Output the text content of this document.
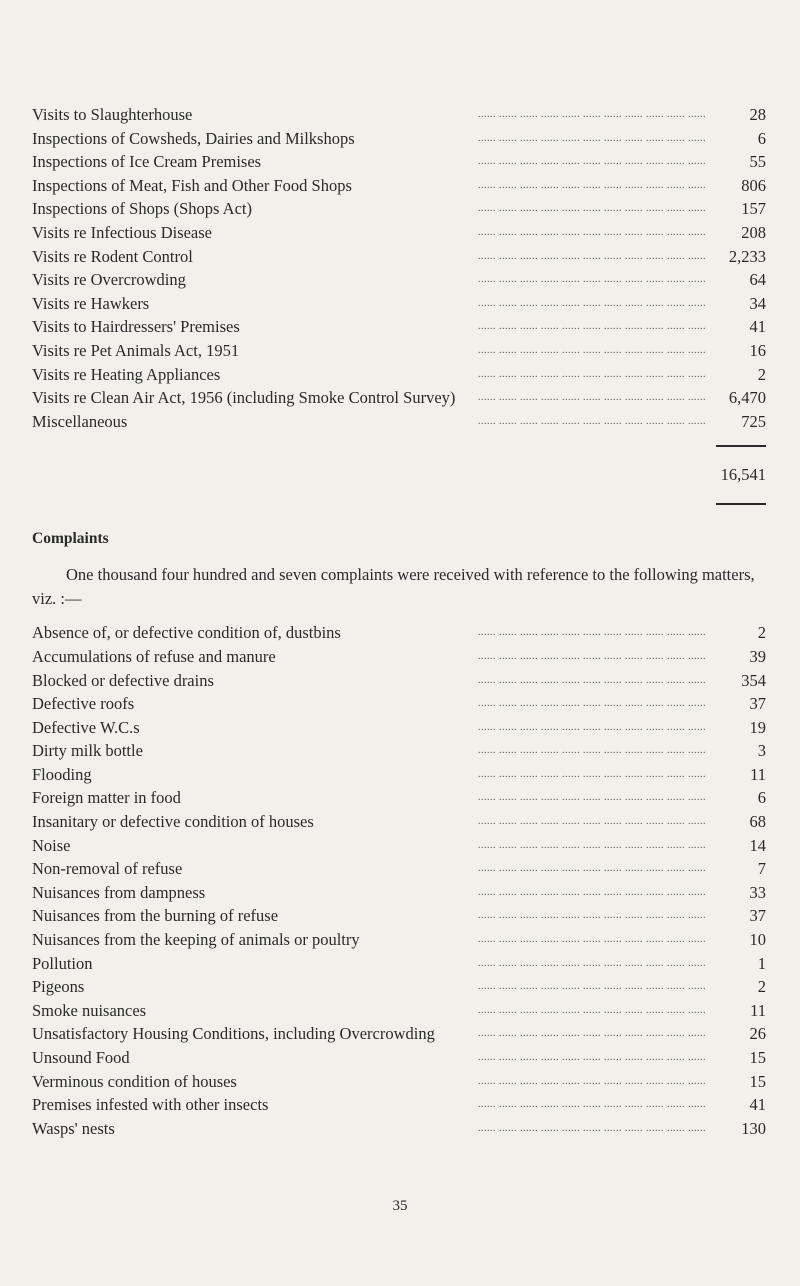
Visits to Slaughterhouse	...... ...... ...... ...... ...... ...... ...... ...... ...... ...... ......	28
Inspections of Cowsheds, Dairies and Milkshops	...... ...... ...... ...... ...... ...... ...... ...... ...... ...... ......	6
Inspections of Ice Cream Premises	...... ...... ...... ...... ...... ...... ...... ...... ...... ...... ......	55
Inspections of Meat, Fish and Other Food Shops	...... ...... ...... ...... ...... ...... ...... ...... ...... ...... ......	806
Inspections of Shops (Shops Act)	...... ...... ...... ...... ...... ...... ...... ...... ...... ...... ......	157
Visits re Infectious Disease	...... ...... ...... ...... ...... ...... ...... ...... ...... ...... ......	208
Visits re Rodent Control	...... ...... ...... ...... ...... ...... ...... ...... ...... ...... ......	2,233
Visits re Overcrowding	...... ...... ...... ...... ...... ...... ...... ...... ...... ...... ......	64
Visits re Hawkers	...... ...... ...... ...... ...... ...... ...... ...... ...... ...... ......	34
Visits to Hairdressers' Premises	...... ...... ...... ...... ...... ...... ...... ...... ...... ...... ......	41
Visits re Pet Animals Act, 1951	...... ...... ...... ...... ...... ...... ...... ...... ...... ...... ......	16
Visits re Heating Appliances	...... ...... ...... ...... ...... ...... ...... ...... ...... ...... ......	2
Visits re Clean Air Act, 1956 (including Smoke Control Survey)	...... ...... ...... ...... ...... ...... ...... ...... ...... ...... ......	6,470
Miscellaneous	...... ...... ...... ...... ...... ...... ...... ...... ...... ...... ......	725
16,541
Complaints
One thousand four hundred and seven complaints were received with reference to the following matters, viz. :—
Absence of, or defective condition of, dustbins	...... ...... ...... ...... ...... ...... ...... ...... ...... ...... ......	2
Accumulations of refuse and manure	...... ...... ...... ...... ...... ...... ...... ...... ...... ...... ......	39
Blocked or defective drains	...... ...... ...... ...... ...... ...... ...... ...... ...... ...... ......	354
Defective roofs	...... ...... ...... ...... ...... ...... ...... ...... ...... ...... ......	37
Defective W.C.s	...... ...... ...... ...... ...... ...... ...... ...... ...... ...... ......	19
Dirty milk bottle	...... ...... ...... ...... ...... ...... ...... ...... ...... ...... ......	3
Flooding	...... ...... ...... ...... ...... ...... ...... ...... ...... ...... ......	11
Foreign matter in food	...... ...... ...... ...... ...... ...... ...... ...... ...... ...... ......	6
Insanitary or defective condition of houses	...... ...... ...... ...... ...... ...... ...... ...... ...... ...... ......	68
Noise	...... ...... ...... ...... ...... ...... ...... ...... ...... ...... ......	14
Non-removal of refuse	...... ...... ...... ...... ...... ...... ...... ...... ...... ...... ......	7
Nuisances from dampness	...... ...... ...... ...... ...... ...... ...... ...... ...... ...... ......	33
Nuisances from the burning of refuse	...... ...... ...... ...... ...... ...... ...... ...... ...... ...... ......	37
Nuisances from the keeping of animals or poultry	...... ...... ...... ...... ...... ...... ...... ...... ...... ...... ......	10
Pollution	...... ...... ...... ...... ...... ...... ...... ...... ...... ...... ......	1
Pigeons	...... ...... ...... ...... ...... ...... ...... ...... ...... ...... ......	2
Smoke nuisances	...... ...... ...... ...... ...... ...... ...... ...... ...... ...... ......	11
Unsatisfactory Housing Conditions, including Overcrowding	...... ...... ...... ...... ...... ...... ...... ...... ...... ...... ......	26
Unsound Food	...... ...... ...... ...... ...... ...... ...... ...... ...... ...... ......	15
Verminous condition of houses	...... ...... ...... ...... ...... ...... ...... ...... ...... ...... ......	15
Premises infested with other insects	...... ...... ...... ...... ...... ...... ...... ...... ...... ...... ......	41
Wasps' nests	...... ...... ...... ...... ...... ...... ...... ...... ...... ...... ......	130
35
